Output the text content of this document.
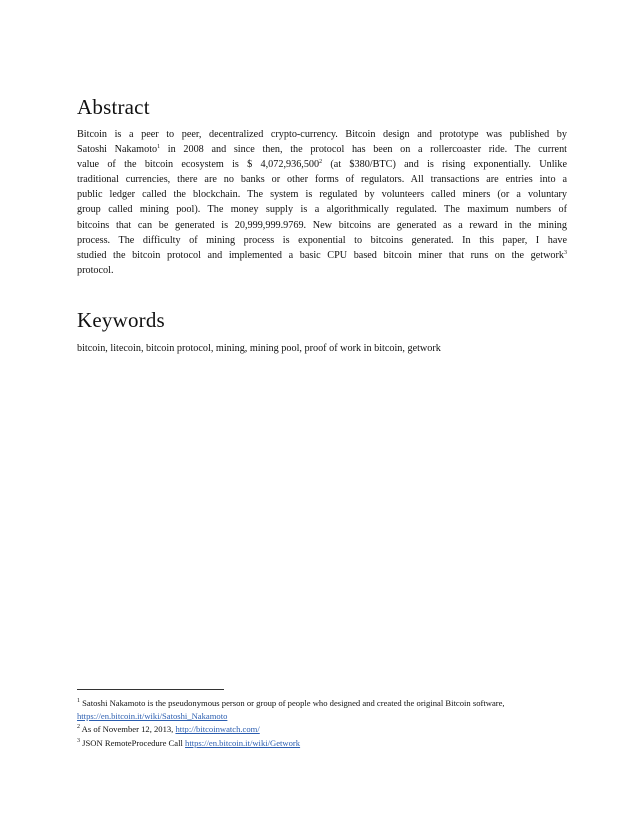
Abstract
Bitcoin is a peer to peer, decentralized crypto-currency. Bitcoin design and prototype was published by
Satoshi Nakamoto$^1$ in 2008 and since then, the protocol has been on a rollercoaster ride. The current
value of the bitcoin ecosystem is $ 4,072,936,500$^2$ (at $380/BTC) and is rising exponentially. Unlike
traditional currencies, there are no banks or other forms of regulators. All transactions are entries into a
public ledger called the blockchain. The system is regulated by volunteers called miners (or a voluntary
group called mining pool). The money supply is a algorithmically regulated. The maximum numbers of
bitcoins that can be generated is 20,999,999.9769. New bitcoins are generated as a reward in the mining
process. The difficulty of mining process is exponential to bitcoins generated. In this paper, I have
studied the bitcoin protocol and implemented a basic CPU based bitcoin miner that runs on the getwork$^3$
protocol.
Keywords
bitcoin, litecoin, bitcoin protocol, mining, mining pool, proof of work in bitcoin, getwork
$^1$ Satoshi Nakamoto is the pseudonymous person or group of people who designed and created the original Bitcoin software,
https://en.bitcoin.it/wiki/Satoshi_Nakamoto
$^2$ As of November 12, 2013, http://bitcoinwatch.com/
$^3$ JSON RemoteProcedure Call https://en.bitcoin.it/wiki/Getwork
